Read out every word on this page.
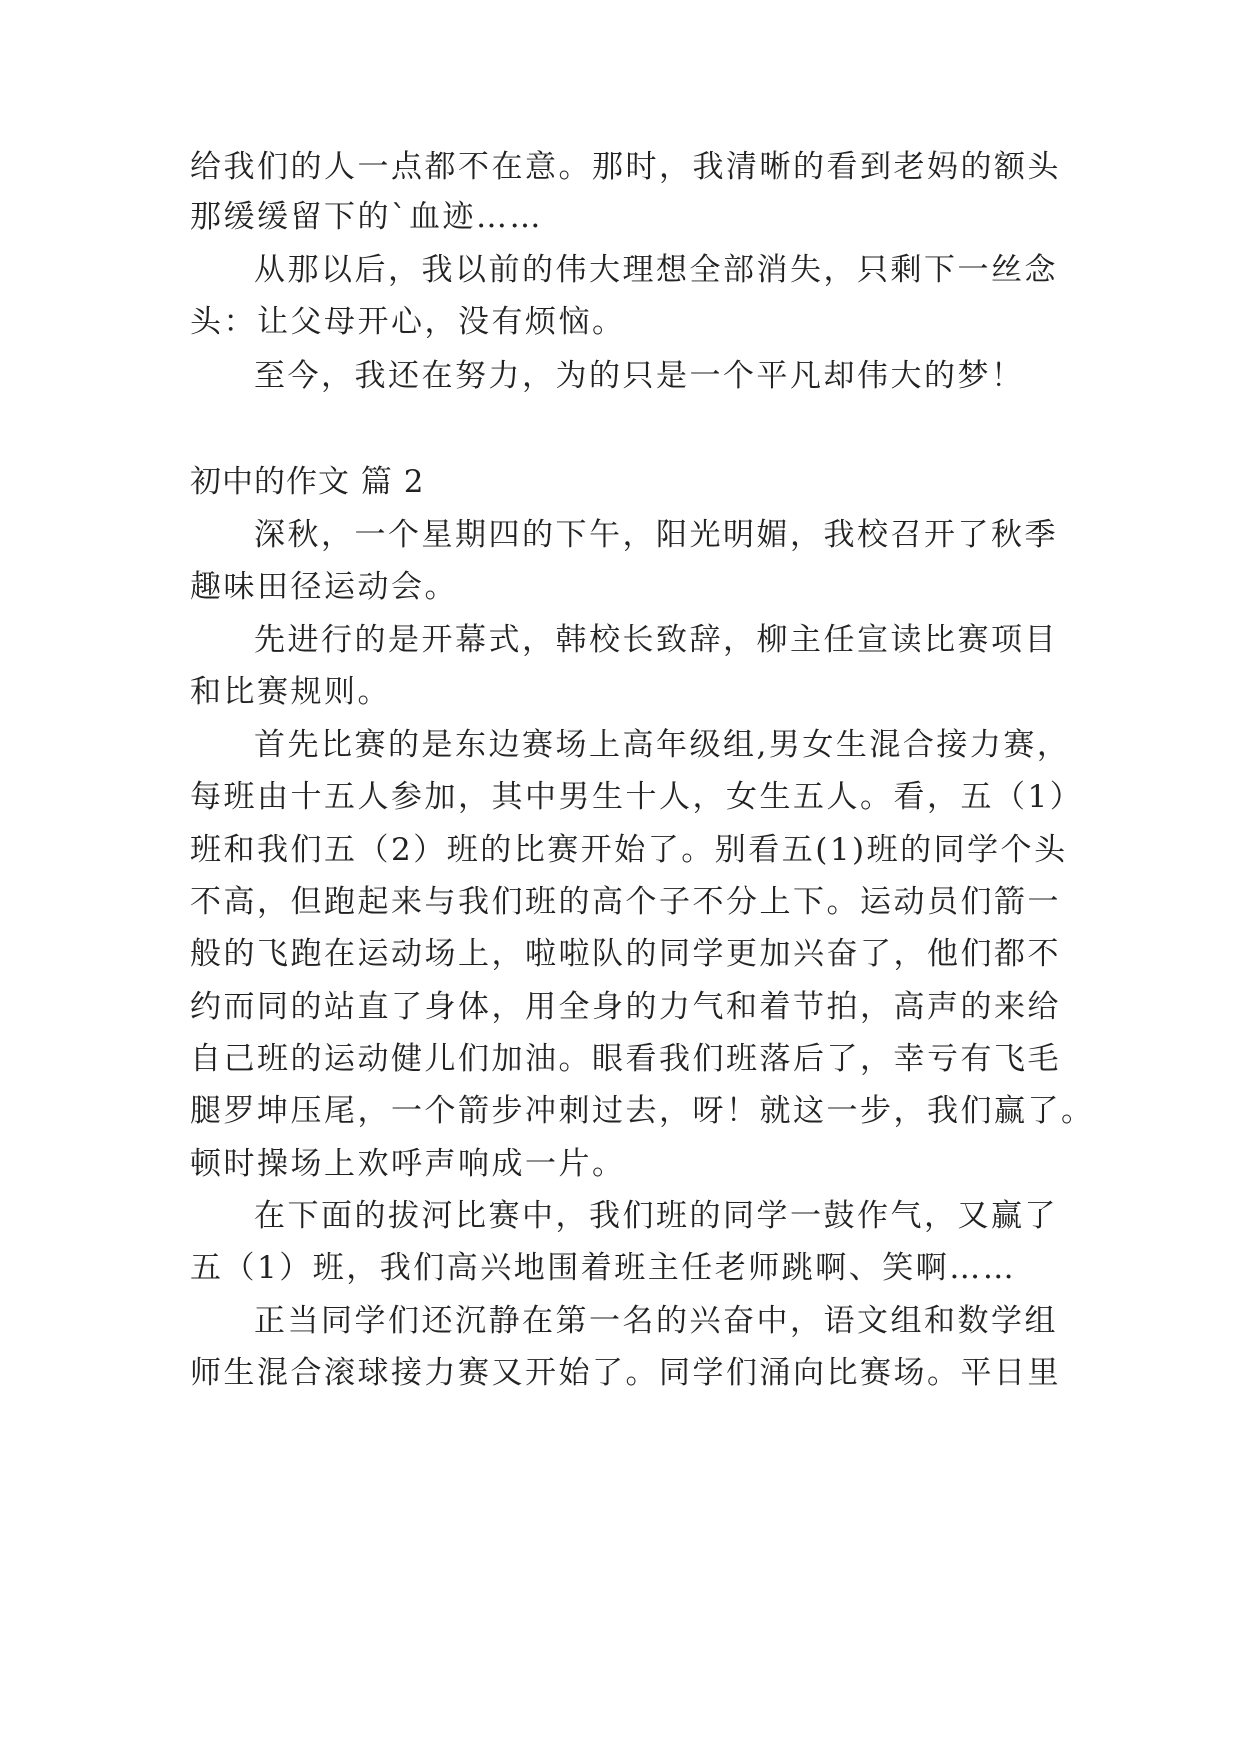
给我们的人一点都不在意。那时，我清晰的看到老妈的额头
那缓缓留下的`血迹……
从那以后，我以前的伟大理想全部消失，只剩下一丝念
头：让父母开心，没有烦恼。
至今，我还在努力，为的只是一个平凡却伟大的梦！
初中的作文 篇 2
深秋，一个星期四的下午，阳光明媚，我校召开了秋季
趣味田径运动会。
先进行的是开幕式，韩校长致辞，柳主任宣读比赛项目
和比赛规则。
首先比赛的是东边赛场上高年级组,男女生混合接力赛，
每班由十五人参加，其中男生十人，女生五人。看，五（1）
班和我们五（2）班的比赛开始了。别看五(1)班的同学个头
不高，但跑起来与我们班的高个子不分上下。运动员们箭一
般的飞跑在运动场上，啦啦队的同学更加兴奋了，他们都不
约而同的站直了身体，用全身的力气和着节拍，高声的来给
自己班的运动健儿们加油。眼看我们班落后了，幸亏有飞毛
腿罗坤压尾，一个箭步冲刺过去，呀！就这一步，我们赢了。
顿时操场上欢呼声响成一片。
在下面的拔河比赛中，我们班的同学一鼓作气，又赢了
五（1）班，我们高兴地围着班主任老师跳啊、笑啊……
正当同学们还沉静在第一名的兴奋中，语文组和数学组
师生混合滚球接力赛又开始了。同学们涌向比赛场。平日里
